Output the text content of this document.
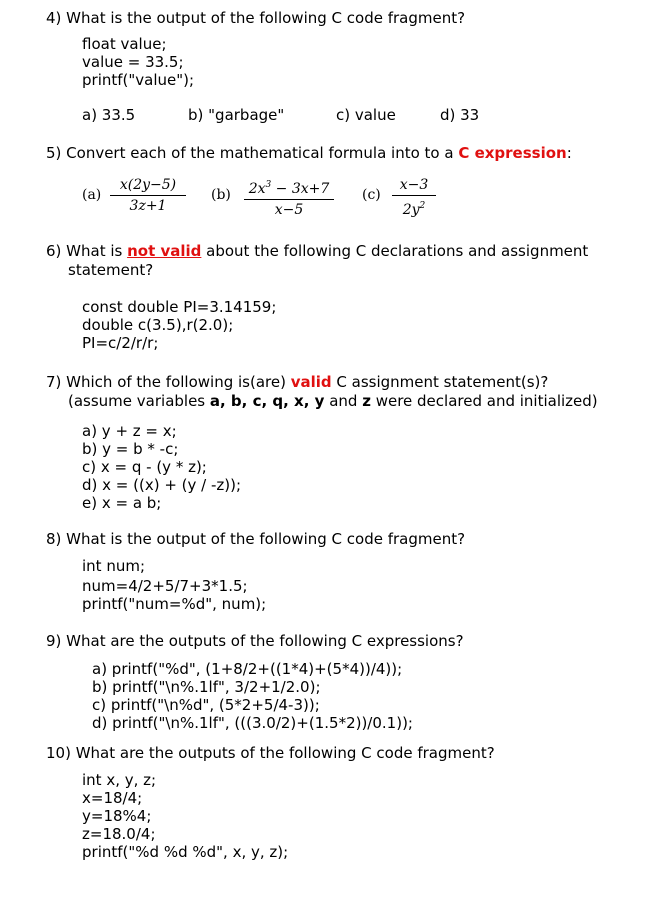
4) What is the output of the following C code fragment?
float value;
value = 33.5;
printf("value");
a) 33.5	b) "garbage"	c) value	d) 33
5) Convert each of the mathematical formula into to a C expression:
$(a) \frac{x(2y-5)}{3z+1} (b) \frac{2x^3 - 3x+7}{x-5} (c) \frac{x-3}{2y^2}$
6) What is not valid about the following C declarations and assignment
statement?
const double PI=3.14159;
double c(3.5),r(2.0);
PI=c/2/r/r;
7) Which of the following is(are) valid C assignment statement(s)?
(assume variables a, b, c, q, x, y and z were declared and initialized)
a) y + z = x;
b) y = b * -c;
c) x = q - (y * z);
d) x = ((x) + (y / -z));
e) x = a b;
8) What is the output of the following C code fragment?
int num;
num=4/2+5/7+3*1.5;
printf("num=%d", num);
9) What are the outputs of the following C expressions?
a) printf("%d", (1+8/2+((1*4)+(5*4))/4));
b) printf("\n%.1lf", 3/2+1/2.0);
c) printf("\n%d", (5*2+5/4-3));
d) printf("\n%.1lf", (((3.0/2)+(1.5*2))/0.1));
10) What are the outputs of the following C code fragment?
int x, y, z;
x=18/4;
y=18%4;
z=18.0/4;
printf("%d %d %d", x, y, z);
